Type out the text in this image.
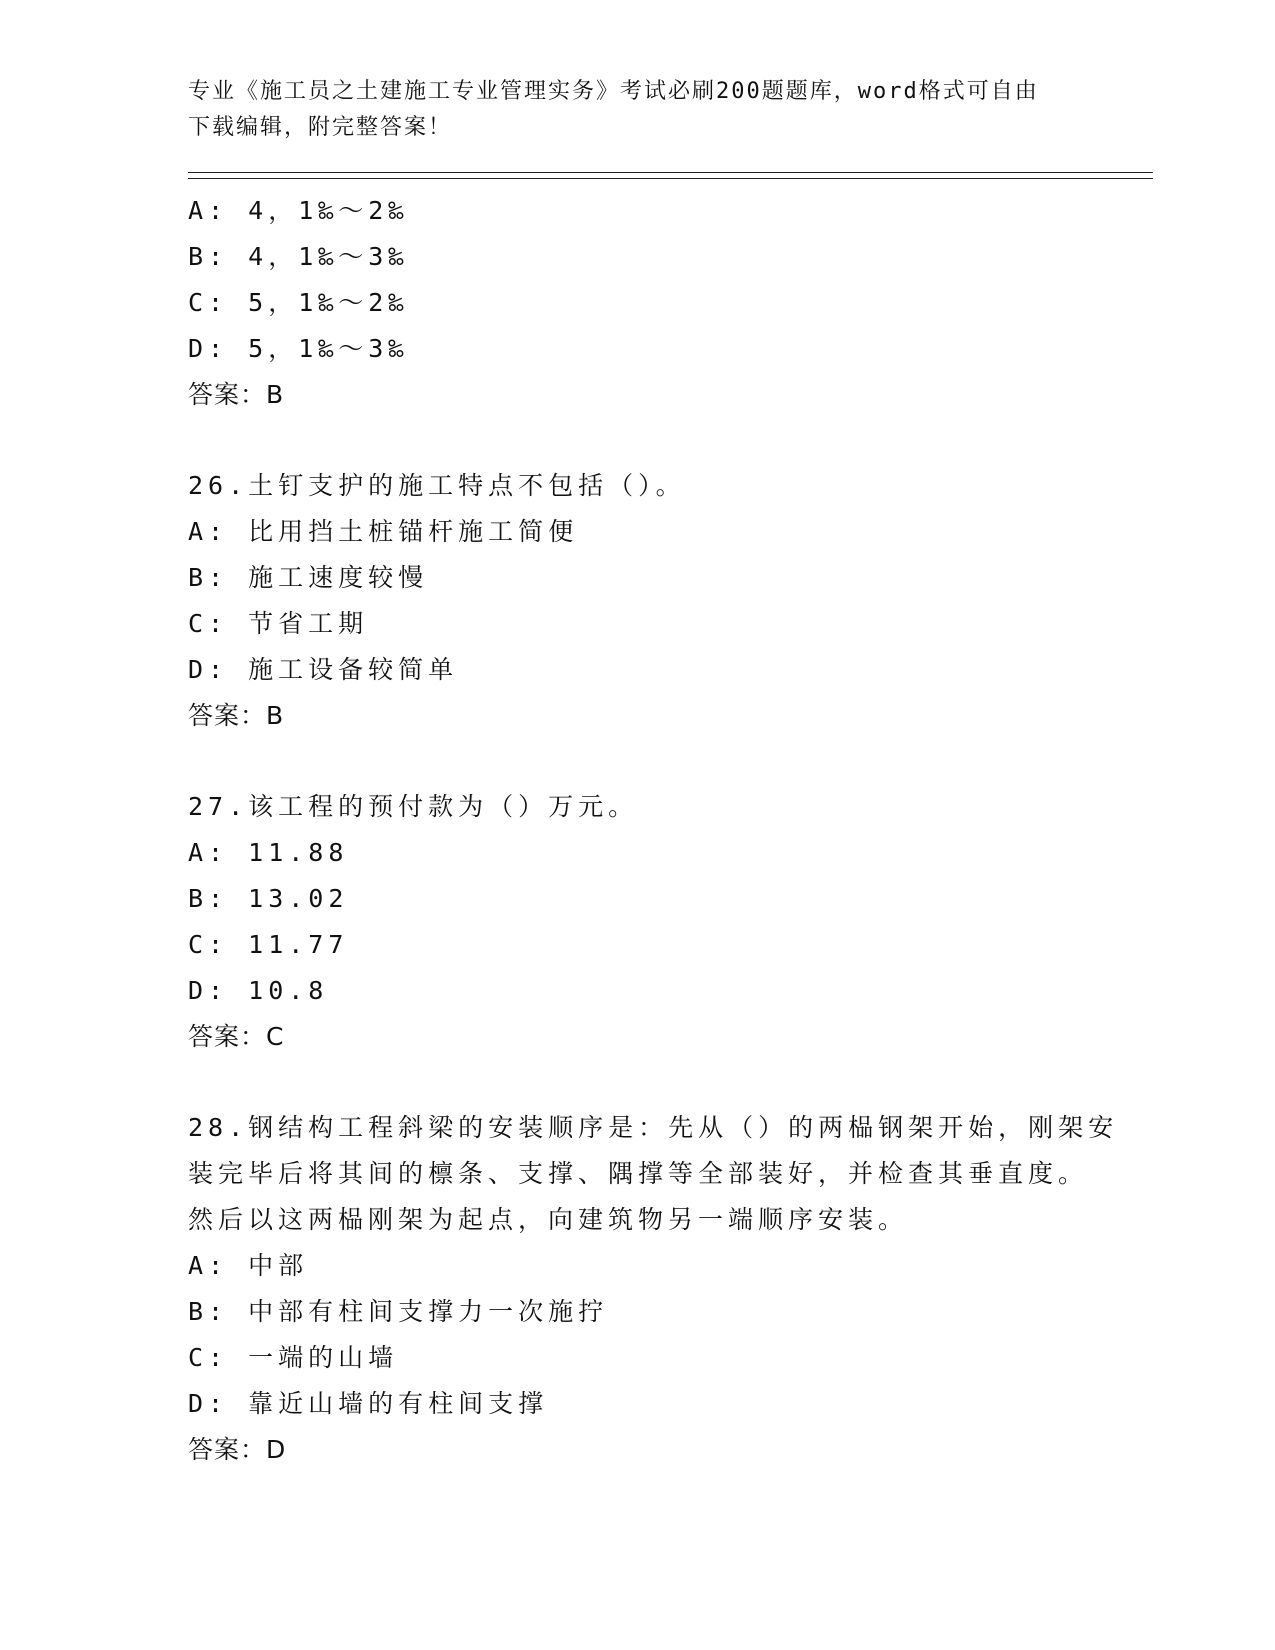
专业《施工员之土建施工专业管理实务》考试必刷200题题库，word格式可自由
下载编辑，附完整答案！
A: 4，1‰～2‰
B: 4，1‰～3‰
C: 5，1‰～2‰
D: 5，1‰～3‰
答案：B
26.土钉支护的施工特点不包括（）。
A: 比用挡土桩锚杆施工简便
B: 施工速度较慢
C: 节省工期
D: 施工设备较简单
答案：B
27.该工程的预付款为（）万元。
A: 11.88
B: 13.02
C: 11.77
D: 10.8
答案：C
28.钢结构工程斜梁的安装顺序是：先从（）的两榀钢架开始，刚架安
装完毕后将其间的檩条、支撑、隅撑等全部装好，并检查其垂直度。
然后以这两榀刚架为起点，向建筑物另一端顺序安装。
A: 中部
B: 中部有柱间支撑力一次施拧
C: 一端的山墙
D: 靠近山墙的有柱间支撑
答案：D
